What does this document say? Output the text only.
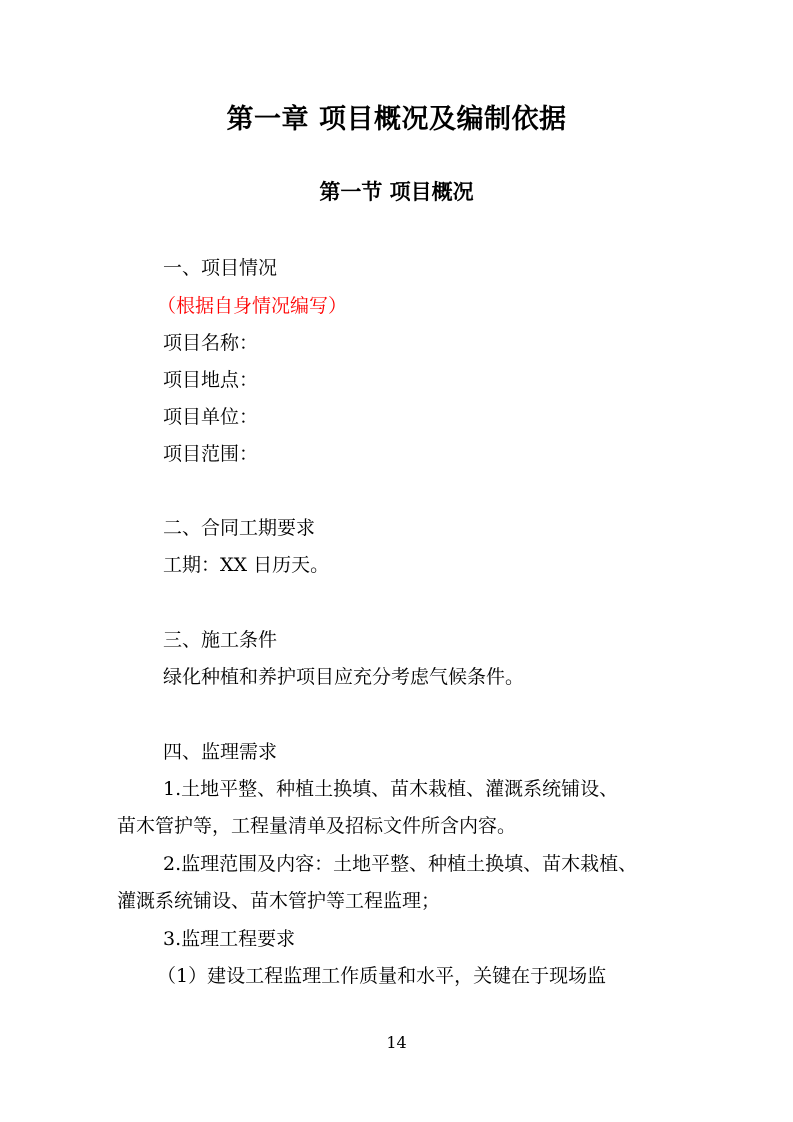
第一章 项目概况及编制依据
第一节 项目概况
一、项目情况
（根据自身情况编写）
项目名称：
项目地点：
项目单位：
项目范围：
二、合同工期要求
工期：XX 日历天。
三、施工条件
绿化种植和养护项目应充分考虑气候条件。
四、监理需求
1.土地平整、种植土换填、苗木栽植、灌溉系统铺设、
苗木管护等，工程量清单及招标文件所含内容。
2.监理范围及内容：土地平整、种植土换填、苗木栽植、
灌溉系统铺设、苗木管护等工程监理；
3.监理工程要求
（1）建设工程监理工作质量和水平，关键在于现场监
14
